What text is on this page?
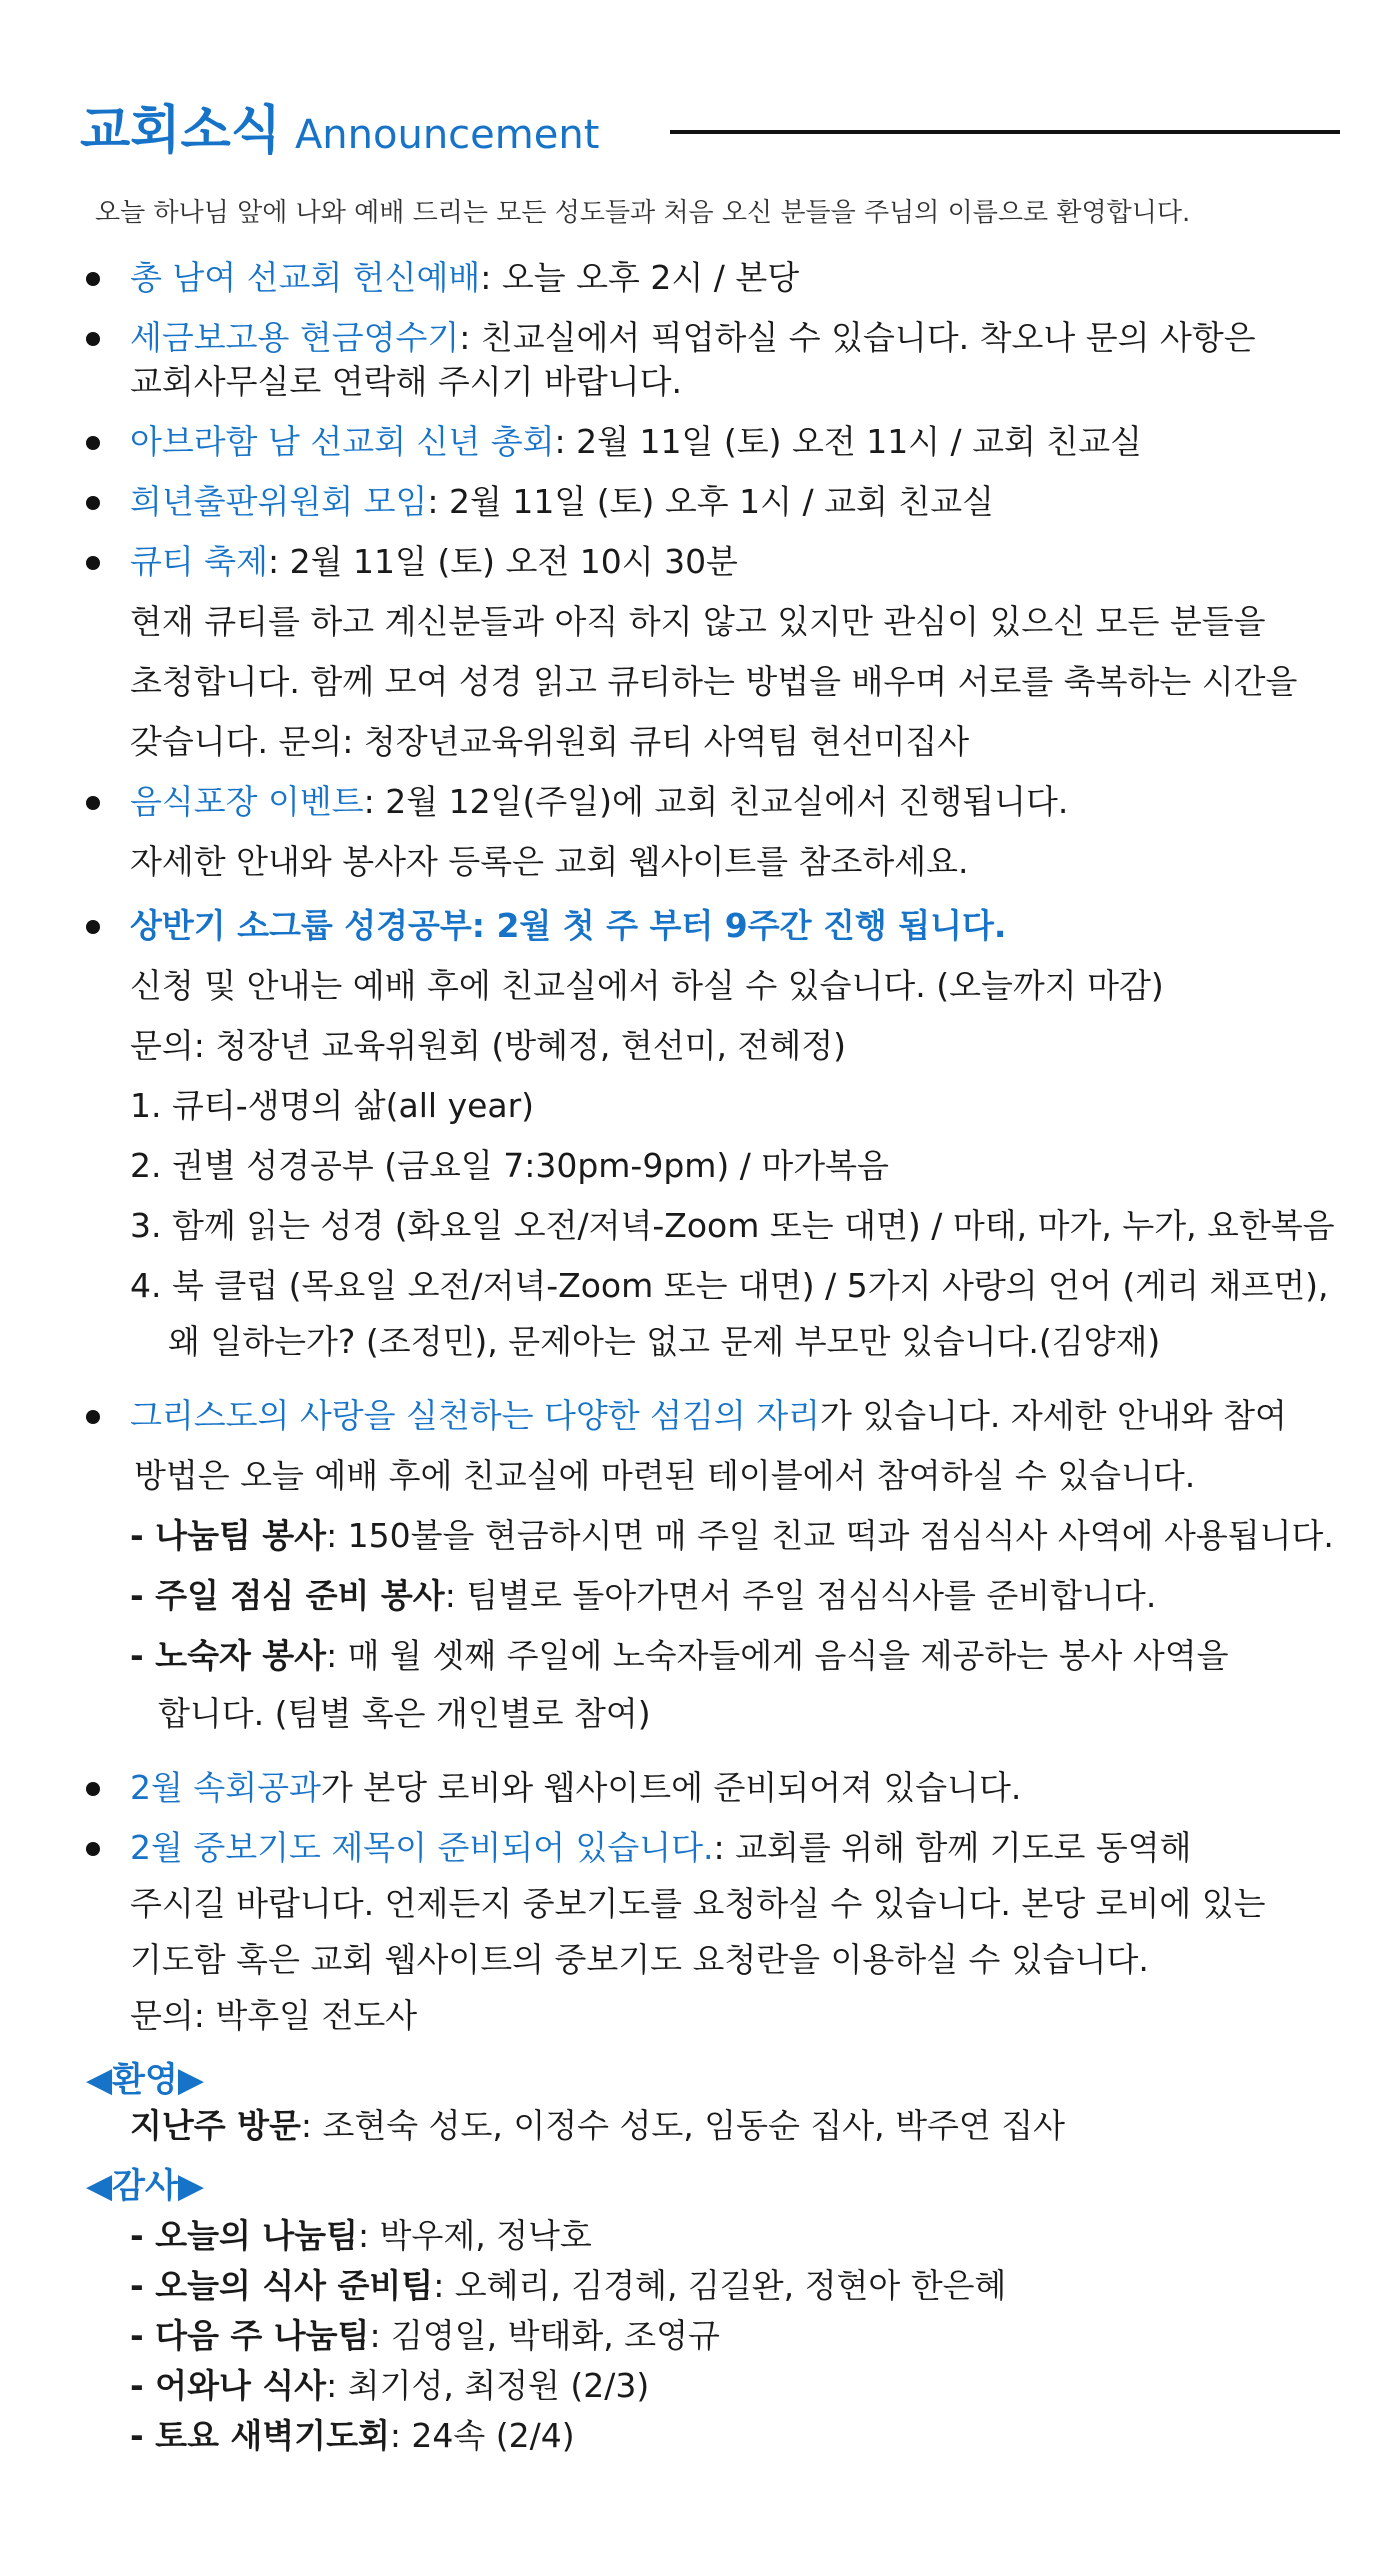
교회소식 Announcement
오늘 하나님 앞에 나와 예배 드리는 모든 성도들과 처음 오신 분들을 주님의 이름으로 환영합니다.
총 남여 선교회 헌신예배: 오늘 오후 2시 / 본당
세금보고용 현금영수기: 친교실에서 픽업하실 수 있습니다. 착오나 문의 사항은
교회사무실로 연락해 주시기 바랍니다.
아브라함 남 선교회 신년 총회: 2월 11일 (토) 오전 11시 / 교회 친교실
희년출판위원회 모임: 2월 11일 (토) 오후 1시 / 교회 친교실
큐티 축제: 2월 11일 (토) 오전 10시 30분
현재 큐티를 하고 계신분들과 아직 하지 않고 있지만 관심이 있으신 모든 분들을
초청합니다. 함께 모여 성경 읽고 큐티하는 방법을 배우며 서로를 축복하는 시간을
갖습니다. 문의: 청장년교육위원회 큐티 사역팀 현선미집사
음식포장 이벤트: 2월 12일(주일)에 교회 친교실에서 진행됩니다.
자세한 안내와 봉사자 등록은 교회 웹사이트를 참조하세요.
상반기 소그룹 성경공부: 2월 첫 주 부터 9주간 진행 됩니다.
신청 및 안내는 예배 후에 친교실에서 하실 수 있습니다. (오늘까지 마감)
문의: 청장년 교육위원회 (방혜정, 현선미, 전혜정)
1. 큐티-생명의 삶(all year)
2. 권별 성경공부 (금요일 7:30pm-9pm) / 마가복음
3. 함께 읽는 성경 (화요일 오전/저녁-Zoom 또는 대면) / 마태, 마가, 누가, 요한복음
4. 북 클럽 (목요일 오전/저녁-Zoom 또는 대면) / 5가지 사랑의 언어 (게리 채프먼),
왜 일하는가? (조정민), 문제아는 없고 문제 부모만 있습니다.(김양재)
그리스도의 사랑을 실천하는 다양한 섬김의 자리가 있습니다. 자세한 안내와 참여
방법은 오늘 예배 후에 친교실에 마련된 테이블에서 참여하실 수 있습니다.
- 나눔팀 봉사: 150불을 현금하시면 매 주일 친교 떡과 점심식사 사역에 사용됩니다.
- 주일 점심 준비 봉사: 팀별로 돌아가면서 주일 점심식사를 준비합니다.
- 노숙자 봉사: 매 월 셋째 주일에 노숙자들에게 음식을 제공하는 봉사 사역을
합니다. (팀별 혹은 개인별로 참여)
2월 속회공과가 본당 로비와 웹사이트에 준비되어져 있습니다.
2월 중보기도 제목이 준비되어 있습니다.: 교회를 위해 함께 기도로 동역해
주시길 바랍니다. 언제든지 중보기도를 요청하실 수 있습니다. 본당 로비에 있는
기도함 혹은 교회 웹사이트의 중보기도 요청란을 이용하실 수 있습니다.
문의: 박후일 전도사
◀환영▶
지난주 방문: 조현숙 성도, 이정수 성도, 임동순 집사, 박주연 집사
◀감사▶
- 오늘의 나눔팀: 박우제, 정낙호
- 오늘의 식사 준비팀: 오혜리, 김경혜, 김길완, 정현아 한은혜
- 다음 주 나눔팀: 김영일, 박태화, 조영규
- 어와나 식사: 최기성, 최정원 (2/3)
- 토요 새벽기도회: 24속 (2/4)
